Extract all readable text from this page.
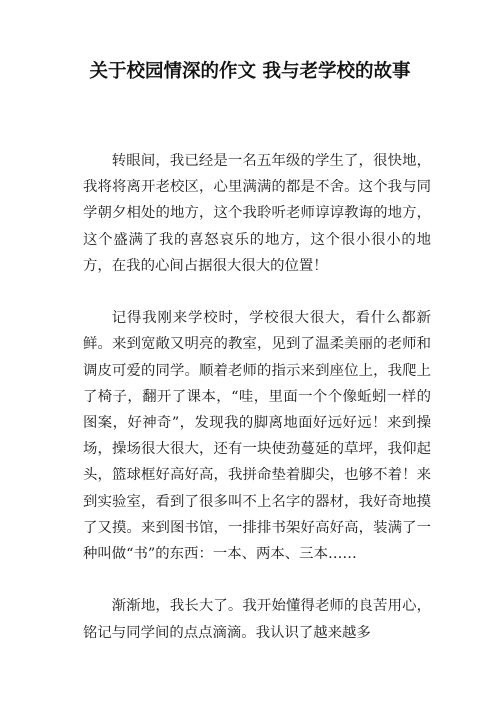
关于校园情深的作文 我与老学校的故事

转眼间，我已经是一名五年级的学生了，很快地，我将将离开老校区，心里满满的都是不舍。这个我与同学朝夕相处的地方，这个我聆听老师谆谆教诲的地方，这个盛满了我的喜怒哀乐的地方，这个很小很小的地方，在我的心间占据很大很大的位置！

记得我刚来学校时，学校很大很大，看什么都新鲜。来到宽敞又明亮的教室，见到了温柔美丽的老师和调皮可爱的同学。顺着老师的指示来到座位上，我爬上了椅子，翻开了课本，“哇，里面一个个像蚯蚓一样的图案，好神奇”，发现我的脚离地面好远好远！来到操场，操场很大很大，还有一块使劲蔓延的草坪，我仰起头，篮球框好高好高，我拼命垫着脚尖，也够不着！来到实验室，看到了很多叫不上名字的器材，我好奇地摸了又摸。来到图书馆，一排排书架好高好高，装满了一种叫做“书”的东西：一本、两本、三本……

渐渐地，我长大了。我开始懂得老师的良苦用心，铭记与同学间的点点滴滴。我认识了越来越多
